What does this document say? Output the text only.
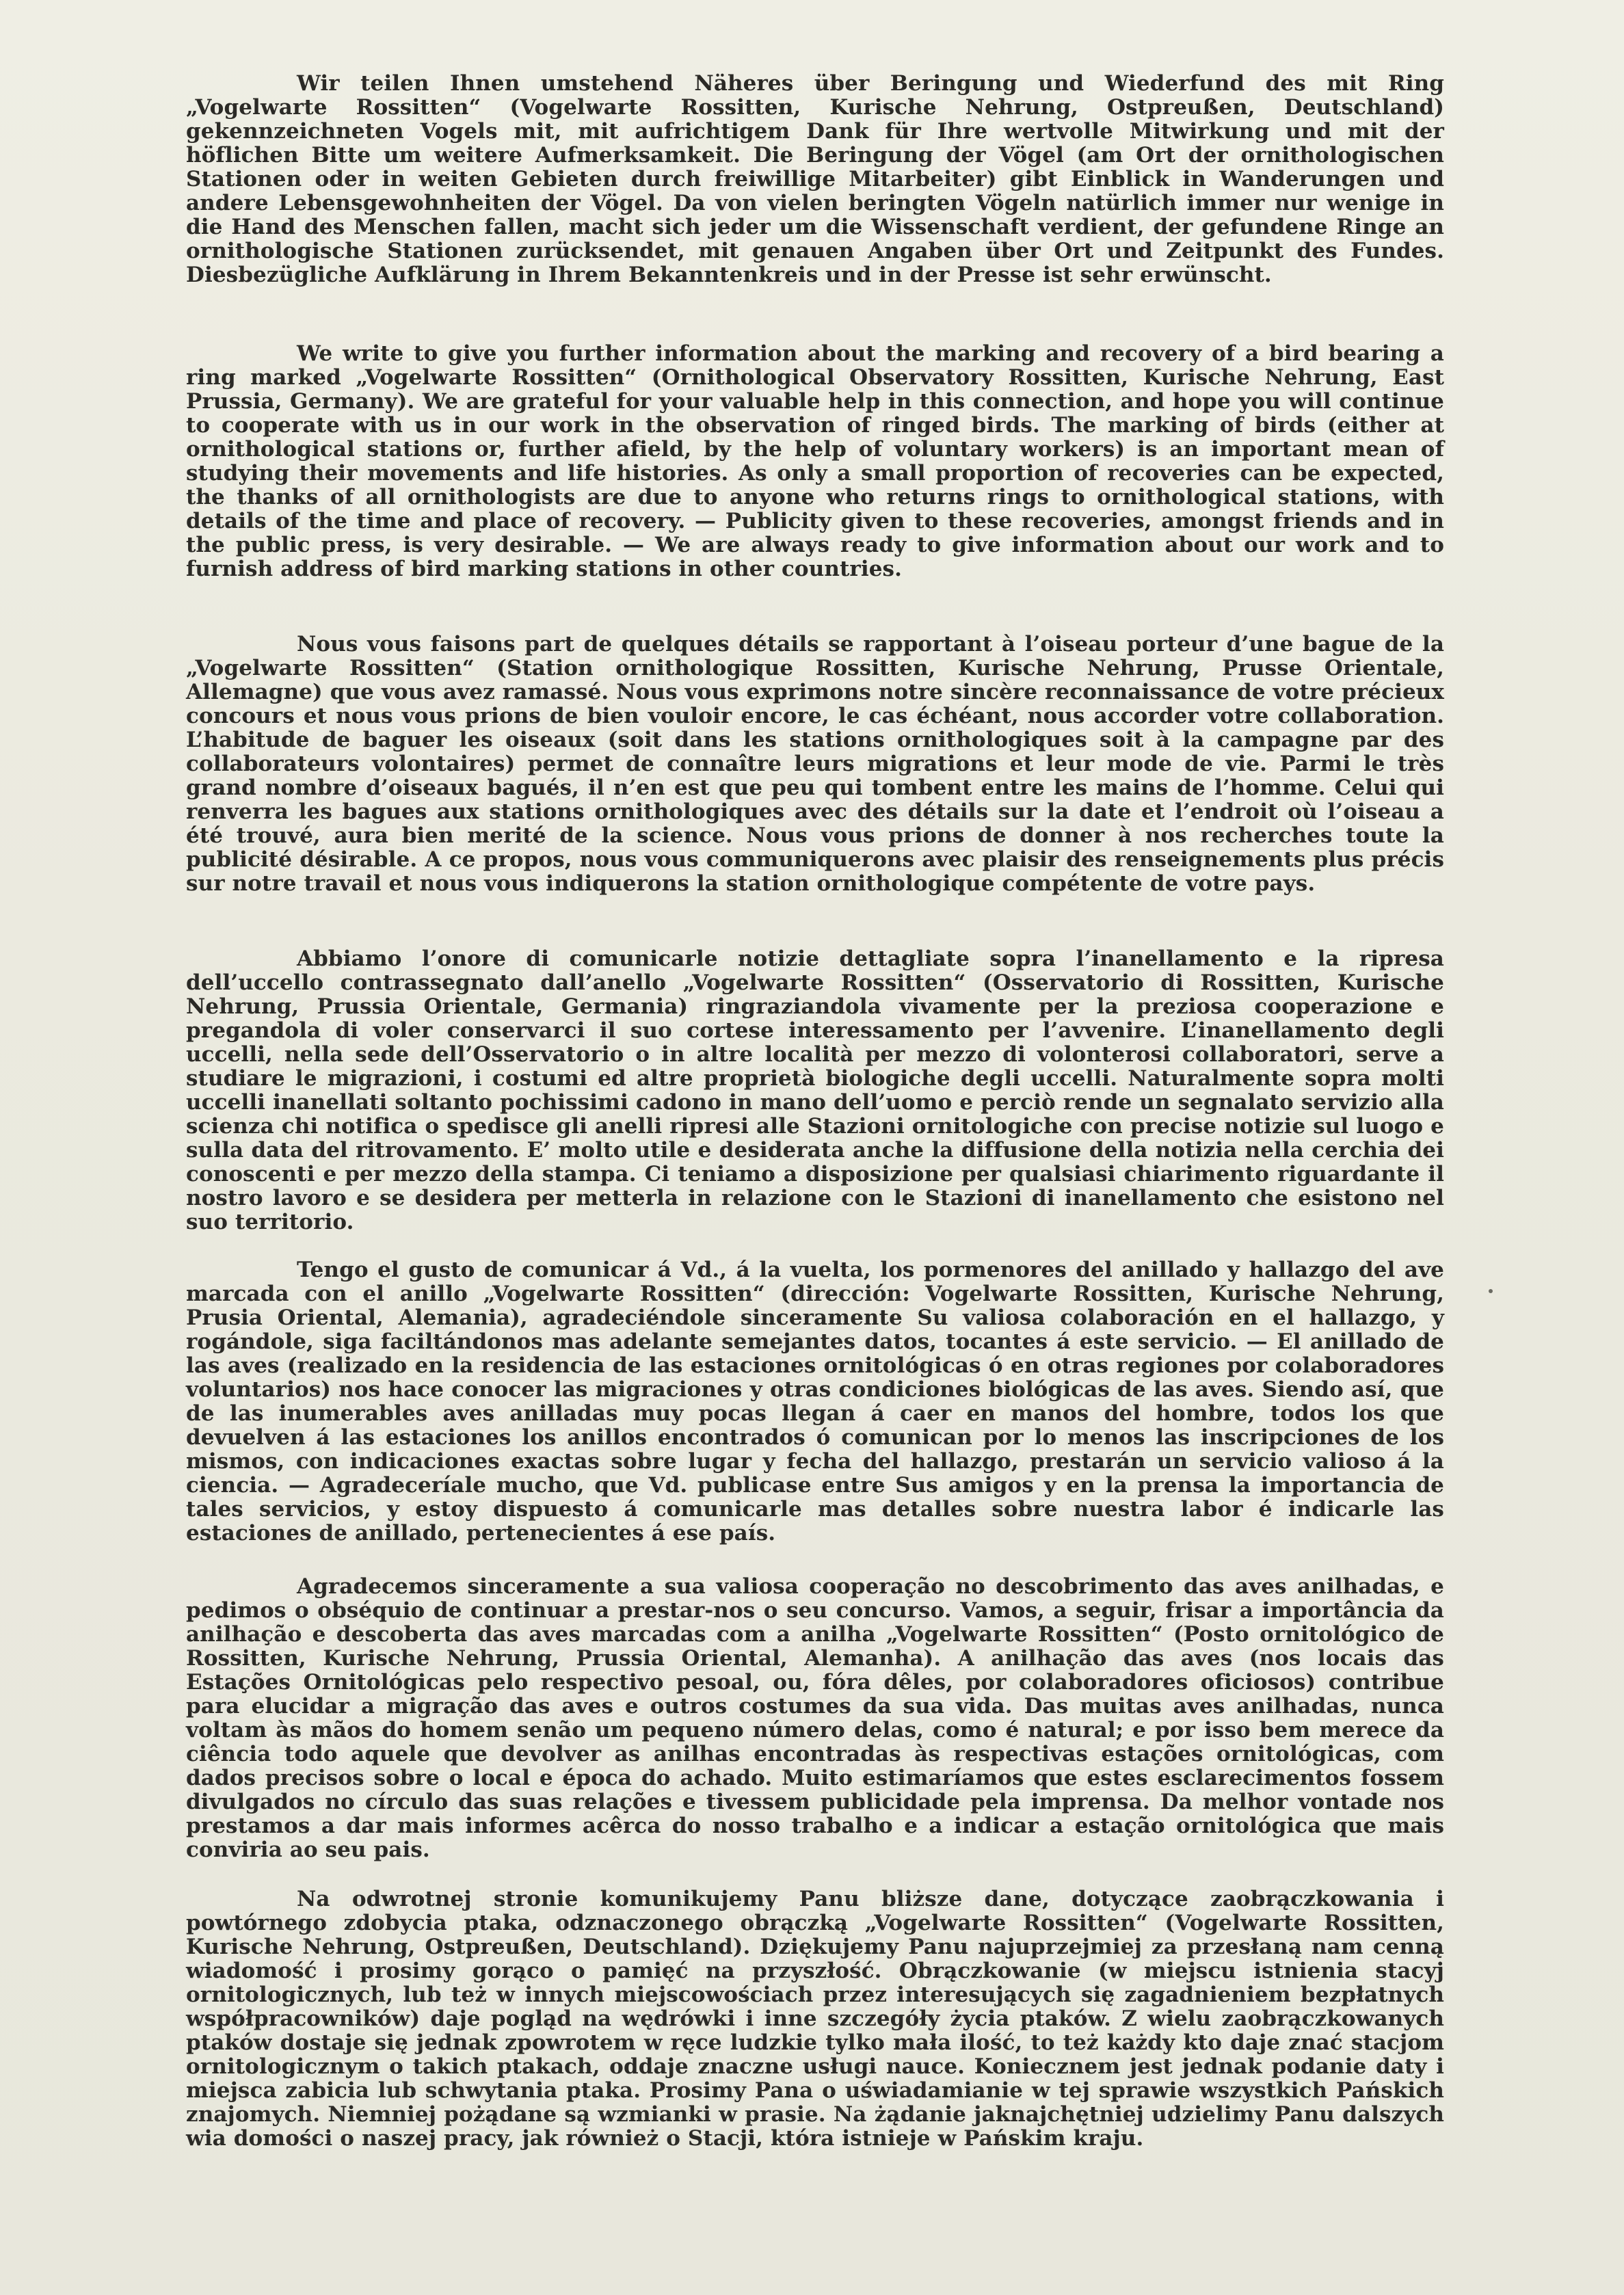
Wir teilen Ihnen umstehend Näheres über Beringung und Wiederfund des mit Ring „Vogelwarte Rossitten“ (Vogelwarte Rossitten, Kurische Nehrung, Ostpreußen, Deutschland) gekennzeichneten Vogels mit, mit aufrichtigem Dank für Ihre wertvolle Mitwirkung und mit der höflichen Bitte um weitere Aufmerksamkeit. Die Beringung der Vögel (am Ort der ornithologischen Stationen oder in weiten Gebieten durch freiwillige Mitarbeiter) gibt Einblick in Wanderungen und andere Lebensgewohnheiten der Vögel. Da von vielen beringten Vögeln natürlich immer nur wenige in die Hand des Menschen fallen, macht sich jeder um die Wissenschaft verdient, der gefundene Ringe an ornithologische Stationen zurücksendet, mit genauen Angaben über Ort und Zeitpunkt des Fundes. Diesbezügliche Aufklärung in Ihrem Bekanntenkreis und in der Presse ist sehr erwünscht.

We write to give you further information about the marking and recovery of a bird bearing a ring marked „Vogelwarte Rossitten“ (Ornithological Observatory Rossitten, Kurische Nehrung, East Prussia, Germany). We are grateful for your valuable help in this connection, and hope you will continue to cooperate with us in our work in the observation of ringed birds. The marking of birds (either at ornithological stations or, further afield, by the help of voluntary workers) is an important mean of studying their movements and life histories. As only a small proportion of recoveries can be expected, the thanks of all ornithologists are due to anyone who returns rings to ornithological stations, with details of the time and place of recovery. — Publicity given to these recoveries, amongst friends and in the public press, is very desirable. — We are always ready to give information about our work and to furnish address of bird marking stations in other countries.

Nous vous faisons part de quelques détails se rapportant à l’oiseau porteur d’une bague de la „Vogelwarte Rossitten“ (Station ornithologique Rossitten, Kurische Nehrung, Prusse Orientale, Allemagne) que vous avez ramassé. Nous vous exprimons notre sincère reconnaissance de votre précieux concours et nous vous prions de bien vouloir encore, le cas échéant, nous accorder votre collaboration. L’habitude de baguer les oiseaux (soit dans les stations ornithologiques soit à la campagne par des collaborateurs volontaires) permet de connaître leurs migrations et leur mode de vie. Parmi le très grand nombre d’oiseaux bagués, il n’en est que peu qui tombent entre les mains de l’homme. Celui qui renverra les bagues aux stations ornithologiques avec des détails sur la date et l’endroit où l’oiseau a été trouvé, aura bien merité de la science. Nous vous prions de donner à nos recherches toute la publicité désirable. A ce propos, nous vous communiquerons avec plaisir des renseignements plus précis sur notre travail et nous vous indiquerons la station ornithologique compétente de votre pays.

Abbiamo l’onore di comunicarle notizie dettagliate sopra l’inanellamento e la ripresa dell’uccello contrassegnato dall’anello „Vogelwarte Rossitten“ (Osservatorio di Rossitten, Kurische Nehrung, Prussia Orientale, Germania) ringraziandola vivamente per la preziosa cooperazione e pregandola di voler conservarci il suo cortese interessamento per l’avvenire. L’inanellamento degli uccelli, nella sede dell’Osservatorio o in altre località per mezzo di volonterosi collaboratori, serve a studiare le migrazioni, i costumi ed altre proprietà biologiche degli uccelli. Naturalmente sopra molti uccelli inanellati soltanto pochissimi cadono in mano dell’uomo e perciò rende un segnalato servizio alla scienza chi notifica o spedisce gli anelli ripresi alle Stazioni ornitologiche con precise notizie sul luogo e sulla data del ritrovamento. E’ molto utile e desiderata anche la diffusione della notizia nella cerchia dei conoscenti e per mezzo della stampa. Ci teniamo a disposizione per qualsiasi chiarimento riguardante il nostro lavoro e se desidera per metterla in relazione con le Stazioni di inanellamento che esistono nel suo territorio.

Tengo el gusto de comunicar á Vd., á la vuelta, los pormenores del anillado y hallazgo del ave marcada con el anillo „Vogelwarte Rossitten“ (dirección: Vogelwarte Rossitten, Kurische Nehrung, Prusia Oriental, Alemania), agradeciéndole sinceramente Su valiosa colaboración en el hallazgo, y rogándole, siga faciltándonos mas adelante semejantes datos, tocantes á este servicio. — El anillado de las aves (realizado en la residencia de las estaciones ornitológicas ó en otras regiones por colaboradores voluntarios) nos hace conocer las migraciones y otras condiciones biológicas de las aves. Siendo así, que de las inumerables aves anilladas muy pocas llegan á caer en manos del hombre, todos los que devuelven á las estaciones los anillos encontrados ó comunican por lo menos las inscripciones de los mismos, con indicaciones exactas sobre lugar y fecha del hallazgo, prestarán un servicio valioso á la ciencia. — Agradeceríale mucho, que Vd. publicase entre Sus amigos y en la prensa la importancia de tales servicios, y estoy dispuesto á comunicarle mas detalles sobre nuestra labor é indicarle las estaciones de anillado, pertenecientes á ese país.

Agradecemos sinceramente a sua valiosa cooperação no descobrimento das aves anilhadas, e pedimos o obséquio de continuar a prestar-nos o seu concurso. Vamos, a seguir, frisar a importância da anilhação e descoberta das aves marcadas com a anilha „Vogelwarte Rossitten“ (Posto ornitológico de Rossitten, Kurische Nehrung, Prussia Oriental, Alemanha). A anilhação das aves (nos locais das Estações Ornitológicas pelo respectivo pesoal, ou, fóra dêles, por colaboradores oficiosos) contribue para elucidar a migração das aves e outros costumes da sua vida. Das muitas aves anilhadas, nunca voltam às mãos do homem senão um pequeno número delas, como é natural; e por isso bem merece da ciência todo aquele que devolver as anilhas encontradas às respectivas estações ornitológicas, com dados precisos sobre o local e época do achado. Muito estimaríamos que estes esclarecimentos fossem divulgados no círculo das suas relações e tivessem publicidade pela imprensa. Da melhor vontade nos prestamos a dar mais informes acêrca do nosso trabalho e a indicar a estação ornitológica que mais conviria ao seu pais.

Na odwrotnej stronie komunikujemy Panu bliższe dane, dotyczące zaobrączkowania i powtórnego zdobycia ptaka, odznaczonego obrączką „Vogelwarte Rossitten“ (Vogelwarte Rossitten, Kurische Nehrung, Ostpreußen, Deutschland). Dziękujemy Panu najuprzejmiej za przesłaną nam cenną wiadomość i prosimy gorąco o pamięć na przyszłość. Obrączkowanie (w miejscu istnienia stacyj ornitologicznych, lub też w innych miejscowościach przez interesujących się zagadnieniem bezpłatnych współpracowników) daje pogląd na wędrówki i inne szczegóły życia ptaków. Z wielu zaobrączkowanych ptaków dostaje się jednak zpowrotem w ręce ludzkie tylko mała ilość, to też każdy kto daje znać stacjom ornitologicznym o takich ptakach, oddaje znaczne usługi nauce. Koniecznem jest jednak podanie daty i miejsca zabicia lub schwytania ptaka. Prosimy Pana o uświadamianie w tej sprawie wszystkich Pańskich znajomych. Niemniej pożądane są wzmianki w prasie. Na żądanie jaknajchętniej udzielimy Panu dalszych wia domości o naszej pracy, jak również o Stacji, która istnieje w Pańskim kraju.
